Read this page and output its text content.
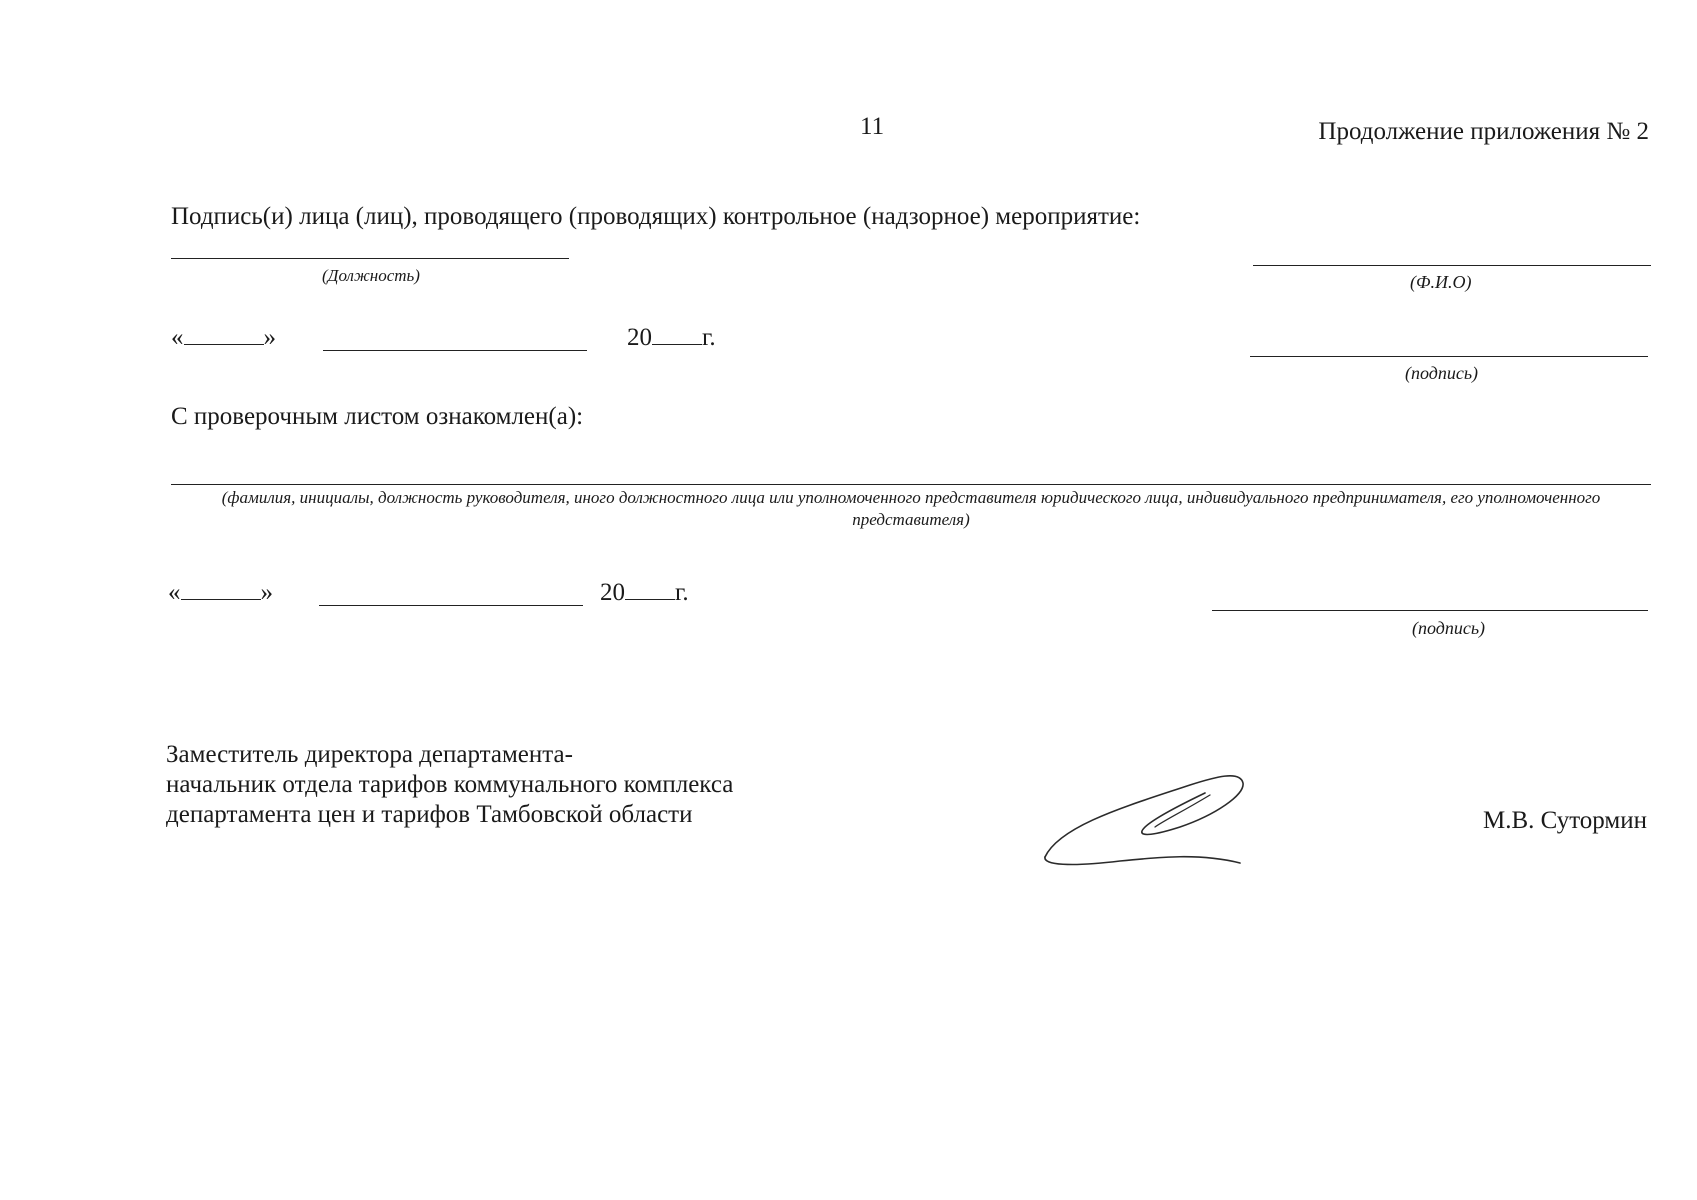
11	Продолжение приложения № 2
Подпись(и) лица (лиц), проводящего (проводящих) контрольное (надзорное) мероприятие:
(Должность)	(Ф.И.О)
«	»	20 г.
(подпись)
С проверочным листом ознакомлен(а):
(фамилия, инициалы, должность руководителя, иного должностного лица или уполномоченного представителя юридического лица, индивидуального предпринимателя, его уполномоченного представителя)
«	»	20 г.
(подпись)
Заместитель директора департамента-
начальник отдела тарифов коммунального комплекса
департамента цен и тарифов Тамбовской области	М.В. Сутормин
